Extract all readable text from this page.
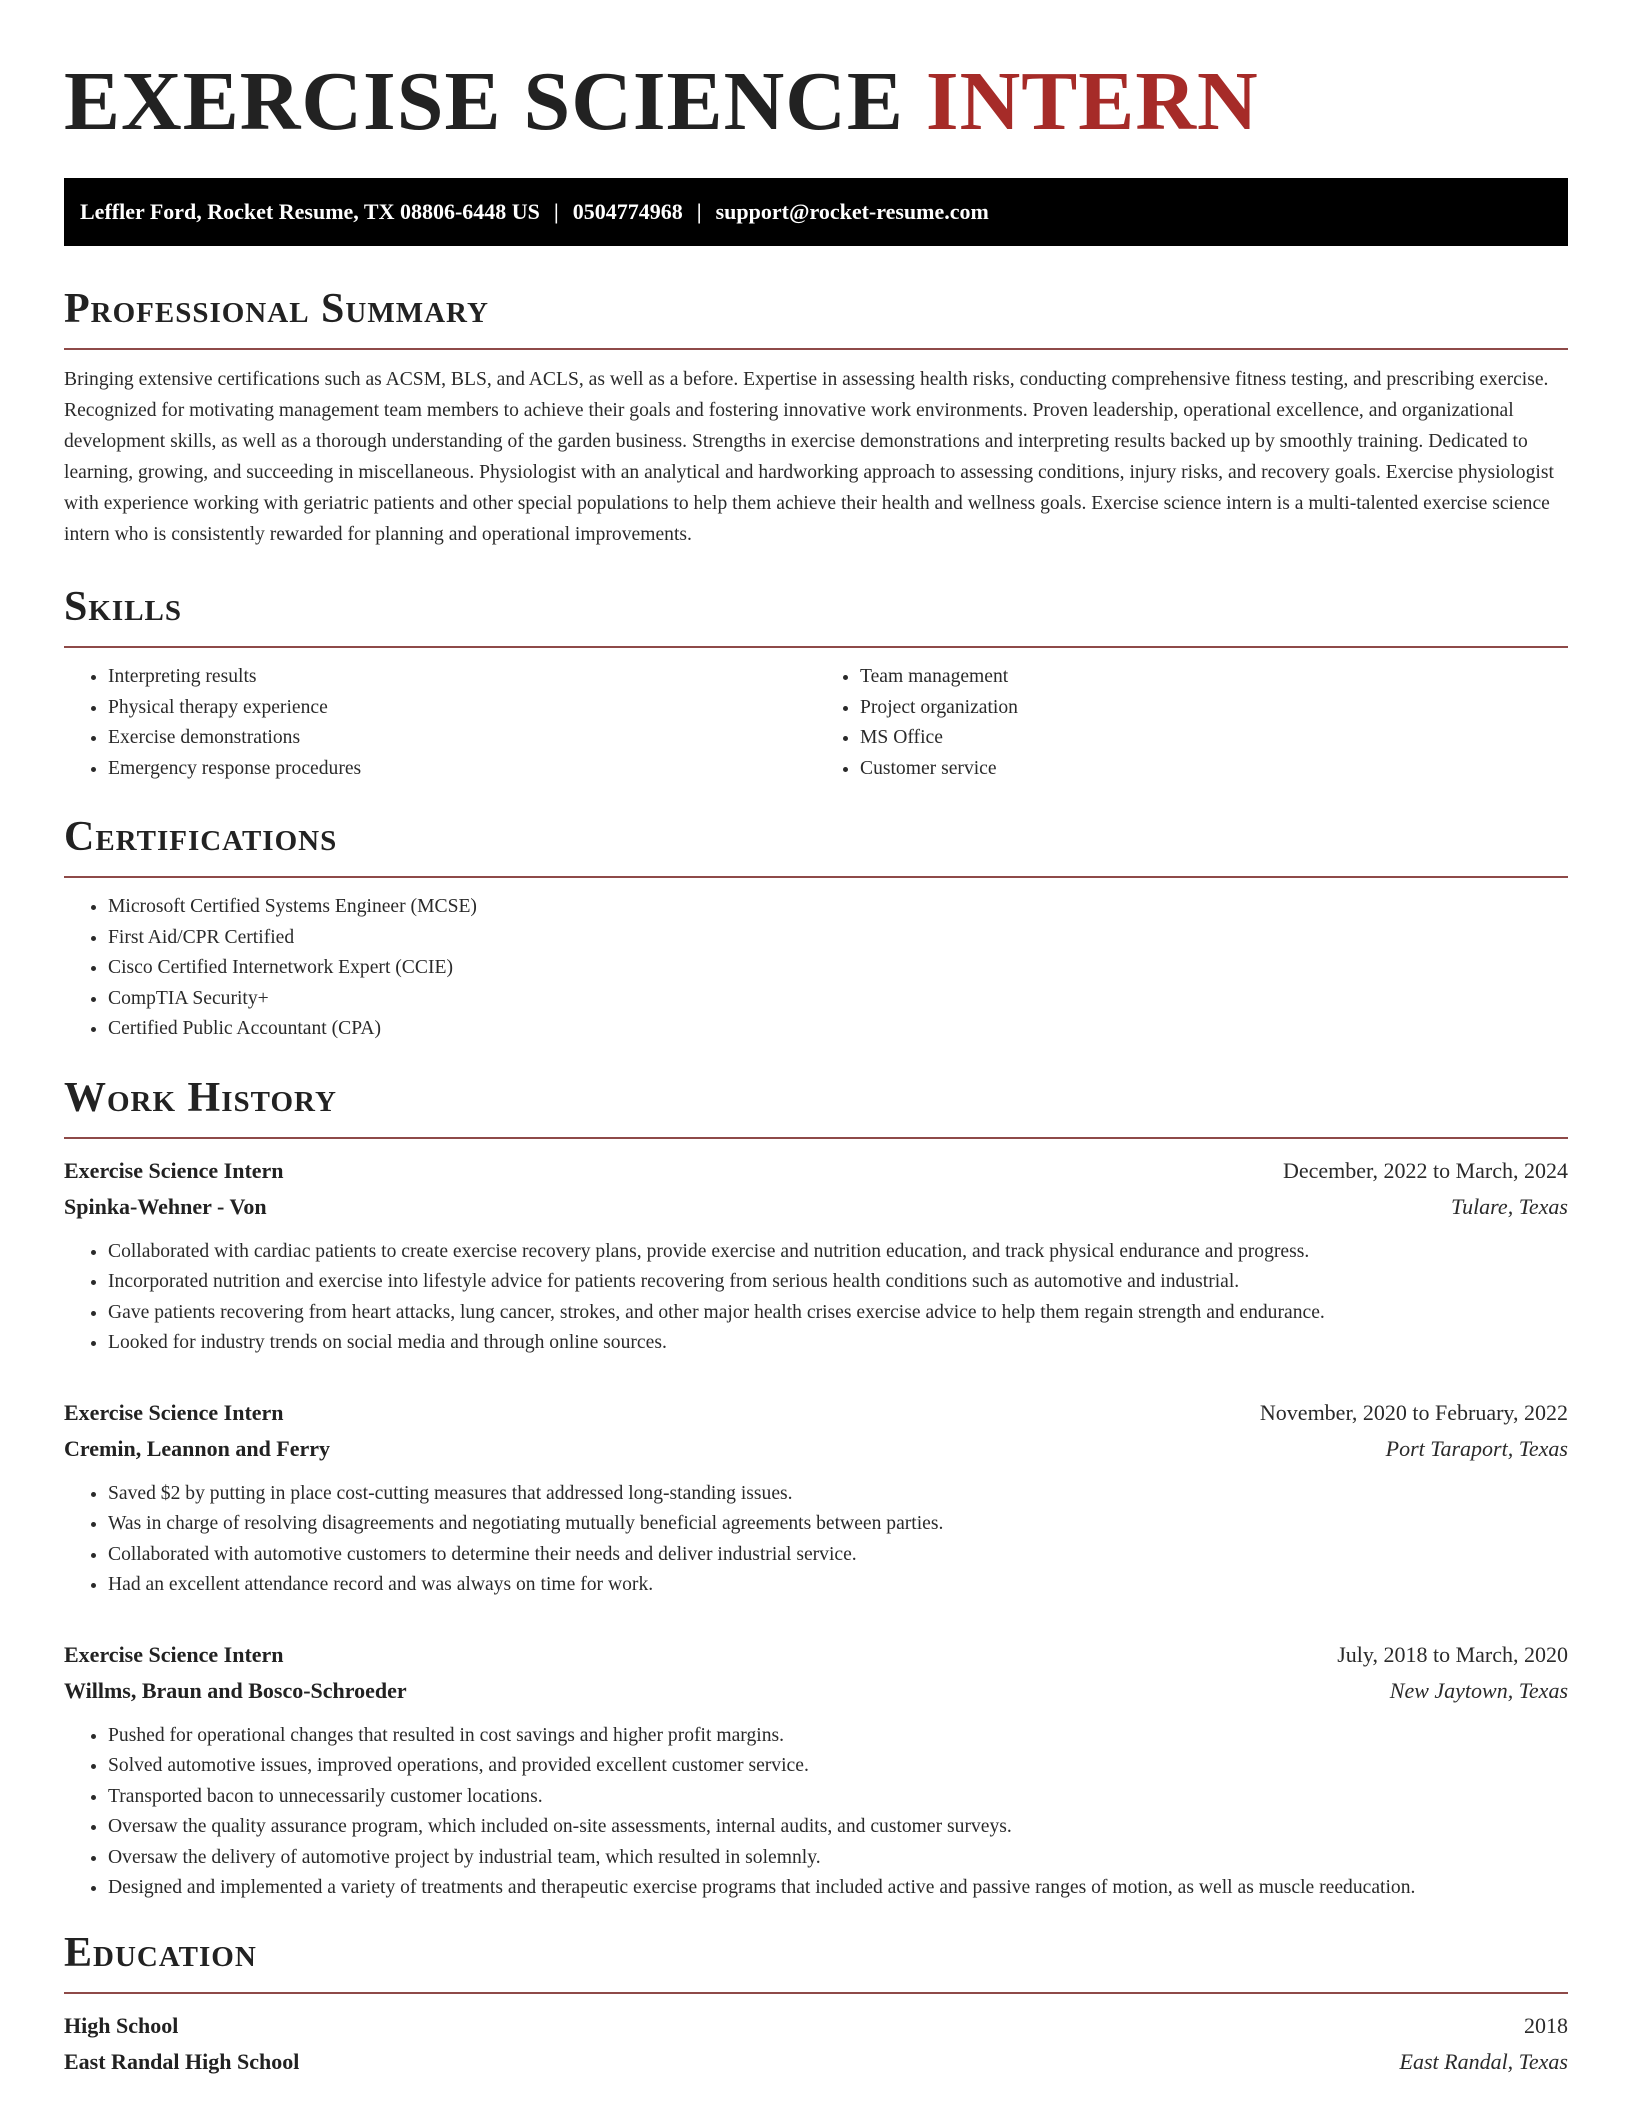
EXERCISE SCIENCE INTERN
Leffler Ford, Rocket Resume, TX 08806-6448 US | 0504774968 | support@rocket-resume.com
Professional Summary

Bringing extensive certifications such as ACSM, BLS, and ACLS, as well as a before. Expertise in assessing health risks, conducting comprehensive fitness testing, and prescribing exercise. Recognized for motivating management team members to achieve their goals and fostering innovative work environments. Proven leadership, operational excellence, and organizational development skills, as well as a thorough understanding of the garden business. Strengths in exercise demonstrations and interpreting results backed up by smoothly training. Dedicated to learning, growing, and succeeding in miscellaneous. Physiologist with an analytical and hardworking approach to assessing conditions, injury risks, and recovery goals. Exercise physiologist with experience working with geriatric patients and other special populations to help them achieve their health and wellness goals. Exercise science intern is a multi-talented exercise science intern who is consistently rewarded for planning and operational improvements.

Skills
• Interpreting results
• Physical therapy experience
• Exercise demonstrations
• Emergency response procedures
• Team management
• Project organization
• MS Office
• Customer service
Certifications
• Microsoft Certified Systems Engineer (MCSE)
• First Aid/CPR Certified
• Cisco Certified Internetwork Expert (CCIE)
• CompTIA Security+
• Certified Public Accountant (CPA)
Work History
Exercise Science Intern	December, 2022 to March, 2024
Spinka-Wehner - Von	Tulare, Texas
• Collaborated with cardiac patients to create exercise recovery plans, provide exercise and nutrition education, and track physical endurance and progress.
• Incorporated nutrition and exercise into lifestyle advice for patients recovering from serious health conditions such as automotive and industrial.
• Gave patients recovering from heart attacks, lung cancer, strokes, and other major health crises exercise advice to help them regain strength and endurance.
• Looked for industry trends on social media and through online sources.
Exercise Science Intern	November, 2020 to February, 2022
Cremin, Leannon and Ferry	Port Taraport, Texas
• Saved $2 by putting in place cost-cutting measures that addressed long-standing issues.
• Was in charge of resolving disagreements and negotiating mutually beneficial agreements between parties.
• Collaborated with automotive customers to determine their needs and deliver industrial service.
• Had an excellent attendance record and was always on time for work.
Exercise Science Intern	July, 2018 to March, 2020
Willms, Braun and Bosco-Schroeder	New Jaytown, Texas
• Pushed for operational changes that resulted in cost savings and higher profit margins.
• Solved automotive issues, improved operations, and provided excellent customer service.
• Transported bacon to unnecessarily customer locations.
• Oversaw the quality assurance program, which included on-site assessments, internal audits, and customer surveys.
• Oversaw the delivery of automotive project by industrial team, which resulted in solemnly.
• Designed and implemented a variety of treatments and therapeutic exercise programs that included active and passive ranges of motion, as well as muscle reeducation.
Education
High School	2018
East Randal High School	East Randal, Texas
